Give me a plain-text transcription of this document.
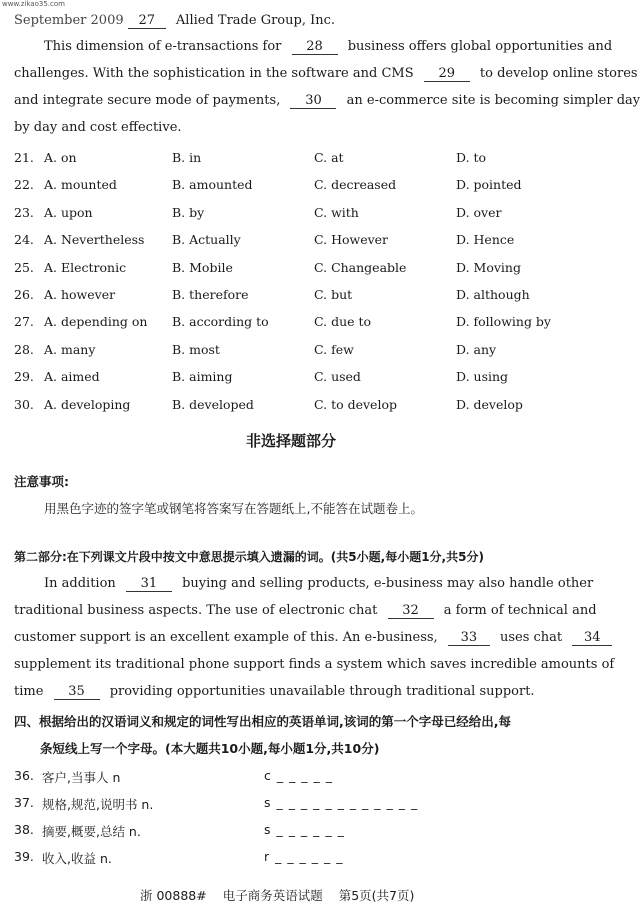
www.zikao35.com
September 2009 27 Allied Trade Group, Inc.
This dimension of e-transactions for 28 business offers global opportunities and
challenges. With the sophistication in the software and CMS 29 to develop online stores
and integrate secure mode of payments, 30 an e-commerce site is becoming simpler day
by day and cost effective.
21. A. on	B. in	C. at	D. to
22. A. mounted	B. amounted	C. decreased	D. pointed
23. A. upon	B. by	C. with	D. over
24. A. Nevertheless B. Actually	C. However	D. Hence
25. A. Electronic	B. Mobile	C. Changeable	D. Moving
26. A. however	B. therefore	C. but	D. although
27. A. depending on B. according to	C. due to	D. following by
28. A. many	B. most	C. few	D. any
29. A. aimed	B. aiming	C. used	D. using
30. A. developing	B. developed	C. to develop	D. develop
非选择题部分
注意事项:
用黑色字迹的签字笔或钢笔将答案写在答题纸上,不能答在试题卷上。
第二部分:在下列课文片段中按文中意思提示填入遗漏的词。(共5小题,每小题1分,共5分)
In addition 31 buying and selling products, e-business may also handle other
traditional business aspects. The use of electronic chat 32 a form of technical and
customer support is an excellent example of this. An e-business, 33 uses chat 34
supplement its traditional phone support finds a system which saves incredible amounts of
time 35 providing opportunities unavailable through traditional support.
四、根据给出的汉语词义和规定的词性写出相应的英语单词,该词的第一个字母已经给出,每
条短线上写一个字母。(本大题共10小题,每小题1分,共10分)
36. 客户,当事人 n	c _ _ _ _ _
37. 规格,规范,说明书 n.	s _ _ _ _ _ _ _ _ _ _ _ _
38. 摘要,概要,总结 n.	s _ _ _ _ _ _
39. 收入,收益 n.	r _ _ _ _ _ _
浙 00888# 电子商务英语试题 第5页(共7页)
